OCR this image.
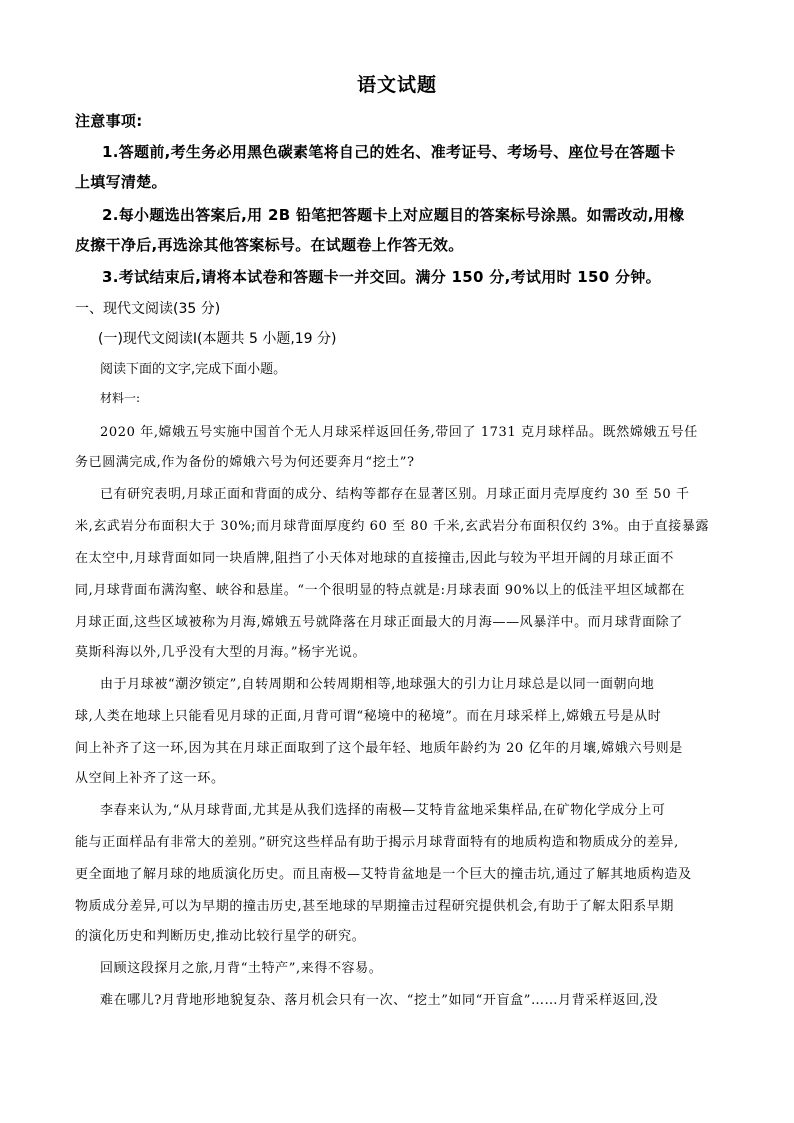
语文试题
注意事项:
1.答题前,考生务必用黑色碳素笔将自己的姓名、准考证号、考场号、座位号在答题卡
上填写清楚。
2.每小题选出答案后,用 2B 铅笔把答题卡上对应题目的答案标号涂黑。如需改动,用橡
皮擦干净后,再选涂其他答案标号。在试题卷上作答无效。
3.考试结束后,请将本试卷和答题卡一并交回。满分 150 分,考试用时 150 分钟。
一、现代文阅读(35 分)
(一)现代文阅读Ⅰ(本题共 5 小题,19 分)
阅读下面的文字,完成下面小题。
材料一:
2020 年,嫦娥五号实施中国首个无人月球采样返回任务,带回了 1731 克月球样品。既然嫦娥五号任
务已圆满完成,作为备份的嫦娥六号为何还要奔月“挖土”?
已有研究表明,月球正面和背面的成分、结构等都存在显著区别。月球正面月壳厚度约 30 至 50 千
米,玄武岩分布面积大于 30%;而月球背面厚度约 60 至 80 千米,玄武岩分布面积仅约 3%。由于直接暴露
在太空中,月球背面如同一块盾牌,阻挡了小天体对地球的直接撞击,因此与较为平坦开阔的月球正面不
同,月球背面布满沟壑、峡谷和悬崖。“一个很明显的特点就是:月球表面 90%以上的低洼平坦区域都在
月球正面,这些区域被称为月海,嫦娥五号就降落在月球正面最大的月海——风暴洋中。而月球背面除了
莫斯科海以外,几乎没有大型的月海。”杨宇光说。
由于月球被“潮汐锁定”,自转周期和公转周期相等,地球强大的引力让月球总是以同一面朝向地
球,人类在地球上只能看见月球的正面,月背可谓“秘境中的秘境”。而在月球采样上,嫦娥五号是从时
间上补齐了这一环,因为其在月球正面取到了这个最年轻、地质年龄约为 20 亿年的月壤,嫦娥六号则是
从空间上补齐了这一环。
李春来认为,“从月球背面,尤其是从我们选择的南极—艾特肯盆地采集样品,在矿物化学成分上可
能与正面样品有非常大的差别。”研究这些样品有助于揭示月球背面特有的地质构造和物质成分的差异,
更全面地了解月球的地质演化历史。而且南极—艾特肯盆地是一个巨大的撞击坑,通过了解其地质构造及
物质成分差异,可以为早期的撞击历史,甚至地球的早期撞击过程研究提供机会,有助于了解太阳系早期
的演化历史和判断历史,推动比较行星学的研究。
回顾这段探月之旅,月背“土特产”,来得不容易。
难在哪儿?月背地形地貌复杂、落月机会只有一次、“挖土”如同“开盲盒”……月背采样返回,没
